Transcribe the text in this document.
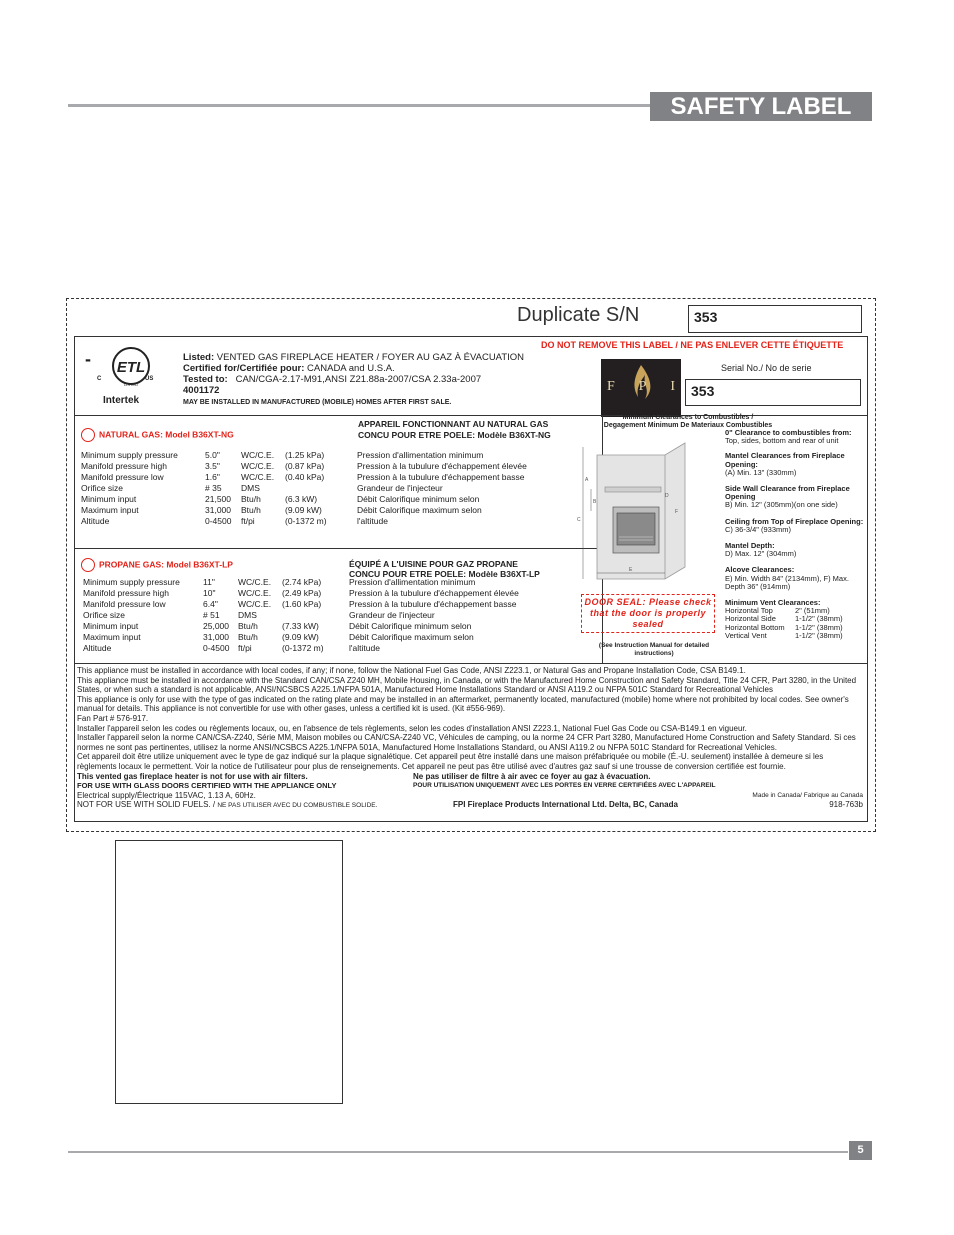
SAFETY LABEL
Duplicate S/N	353
- ETL
LISTED
C	US
Intertek
Listed: VENTED GAS FIREPLACE HEATER / FOYER AU GAZ À ÉVACUATION
Certified for/Certifiée pour: CANADA and U.S.A.
Tested to: CAN/CGA-2.17-M91,ANSI Z21.88a-2007/CSA 2.33a-2007
4001172
MAY BE INSTALLED IN MANUFACTURED (MOBILE) HOMES AFTER FIRST SALE.
DO NOT REMOVE THIS LABEL / NE PAS ENLEVER CETTE ÉTIQUETTE
Serial No./ No de serie
F P I	353
NATURAL GAS: Model B36XT-NG
APPAREIL FONCTIONNANT AU NATURAL GAS
CONCU POUR ETRE POELE: Modèle B36XT-NG
Minimum supply pressure	5.0"	WC/C.E.	(1.25 kPa)	Pression d'allimentation minimum
Manifold pressure high	3.5"	WC/C.E.	(0.87 kPa)	Pression à la tubulure d'échappement élevée
Manifold pressure low	1.6"	WC/C.E.	(0.40 kPa)	Pression à la tubulure d'échappement basse
Orifice size	# 35	DMS	Grandeur de l'injecteur
Minimum input	21,500	Btu/h	(6.3 kW)	Débit Calorifique minimum selon
Maximum input	31,000	Btu/h	(9.09 kW)	Débit Calorifique maximum selon
Altitude	0-4500	ft/pi	(0-1372 m)	l'altitude
PROPANE GAS: Model B36XT-LP	ÉQUIPÉ A L'UISINE POUR GAZ PROPANE
CONCU POUR ETRE POELE: Modèle B36XT-LP
Minimum supply pressure	11"	WC/C.E.	(2.74 kPa)	Pression d'allimentation minimum
Manifold pressure high	10"	WC/C.E.	(2.49 kPa)	Pression à la tubulure d'échappement élevée
Manifold pressure low	6.4"	WC/C.E.	(1.60 kPa)	Pression à la tubulure d'échappement basse
Orifice size	# 51	DMS	Grandeur de l'injecteur
Minimum input	25,000	Btu/h	(7.33 kW)	Débit Calorifique minimum selon
Maximum input	31,000	Btu/h	(9.09 kW)	Débit Calorifique maximum selon
Altitude	0-4500	ft/pi	(0-1372 m)	l'altitude
Minimum Clearances to Combustibles /
Degagement Minimum De Materiaux Combustibles
A
B
C
D
E
F
0" Clearance to combustibles from:
Top, sides, bottom and rear of unit
Mantel Clearances from Fireplace Opening:
(A) Min. 13" (330mm)
Side Wall Clearance from Fireplace Opening
B) Min. 12" (305mm)(on one side)
Ceiling from Top of Fireplace Opening:
C) 36-3/4" (933mm)
Mantel Depth:
D) Max. 12" (304mm)
Alcove Clearances:
E) Min. Width 84" (2134mm), F) Max. Depth 36" (914mm)
Minimum Vent Clearances:
Horizontal Top	2" (51mm)
Horizontal Side	1-1/2" (38mm)
Horizontal Bottom	1-1/2" (38mm)
Vertical Vent	1-1/2" (38mm)
DOOR SEAL: Please check that the door is properly sealed
(See Instruction Manual for detailed instructions)
This appliance must be installed in accordance with local codes, if any; if none, follow the National Fuel Gas Code, ANSI Z223.1, or Natural Gas and Propane Installation Code, CSA B149.1.
This appliance must be installed in accordance with the Standard CAN/CSA Z240 MH, Mobile Housing, in Canada, or with the Manufactured Home Construction and Safety Standard, Title 24 CFR, Part 3280, in the United States, or when such a standard is not applicable, ANSI/NCSBCS A225.1/NFPA 501A, Manufactured Home Installations Standard or ANSI A119.2 ou NFPA 501C Standard for Recreational Vehicles
This appliance is only for use with the type of gas indicated on the rating plate and may be installed in an aftermarket, permanently located, manufactured (mobile) home where not prohibited by local codes. See owner's manual for details. This appliance is not convertible for use with other gases, unless a certified kit is used. (Kit #556-969).
Fan Part # 576-917.
Installer l'appareil selon les codes ou règlements locaux, ou, en l'absence de tels règlements, selon les codes d'installation ANSI Z223.1, National Fuel Gas Code ou CSA-B149.1 en vigueur.
Installer l'appareil selon la norme CAN/CSA-Z240, Série MM, Maison mobiles ou CAN/CSA-Z240 VC, Véhicules de camping, ou la norme 24 CFR Part 3280, Manufactured Home Construction and Safety Standard. Si ces normes ne sont pas pertinentes, utilisez la norme ANSI/NCSBCS A225.1/NFPA 501A, Manufactured Home Installations Standard, ou ANSI A119.2 ou NFPA 501C Standard for Recreational Vehicles.
Cet appareil doit être utilize uniquement avec le type de gaz indiqué sur la plaque signalétique. Cet appareil peut être installé dans une maison préfabriquée ou mobile (É.-U. seulement) installée à demeure si les règlements locaux le permettent. Voir la notice de l'utilisateur pour plus de renseignements. Cet appareil ne peut pas être utilisé avec d'autres gaz sauf si une trousse de conversion certifiée est fournie.
This vented gas fireplace heater is not for use with air filters.	Ne pas utiliser de filtre à air avec ce foyer au gaz à évacuation.
FOR USE WITH GLASS DOORS CERTIFIED WITH THE APPLIANCE ONLY	POUR UTILISATION UNIQUEMENT AVEC LES PORTES EN VERRE CERTIFIÉES AVEC L'APPAREIL
Electrical supply/Électrique 115VAC, 1.13 A, 60Hz.
NOT FOR USE WITH SOLID FUELS. / NE PAS UTILISER AVEC DU COMBUSTIBLE SOLIDE.	FPI Fireplace Products International Ltd. Delta, BC, Canada	918-763b
Made in Canada/ Fabrique au Canada
5
